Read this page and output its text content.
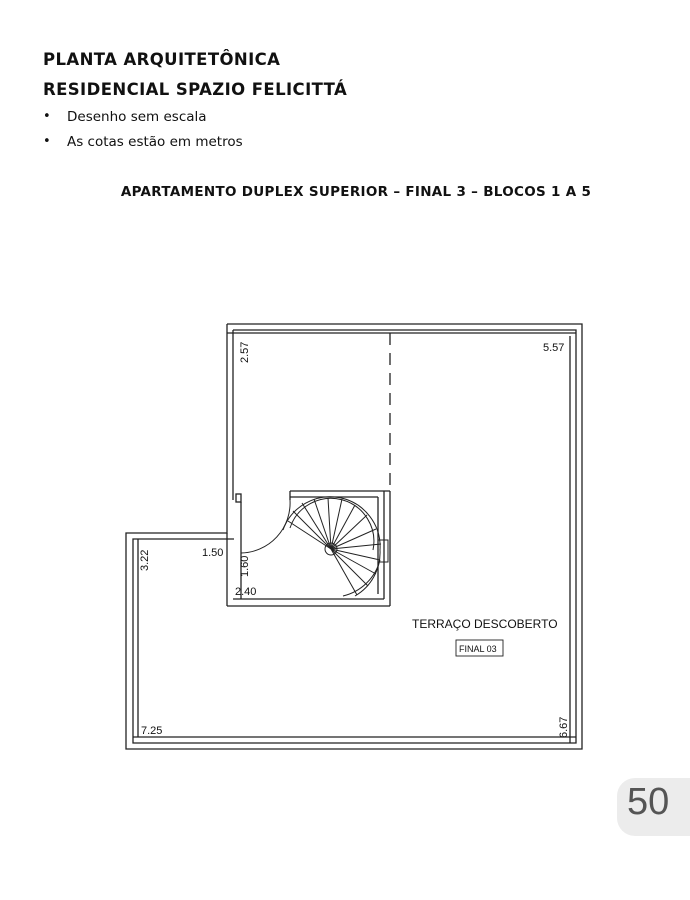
PLANTA ARQUITETÔNICA
RESIDENCIAL SPAZIO FELICITTÁ
• Desenho sem escala
• As cotas estão em metros
APARTAMENTO DUPLEX SUPERIOR – FINAL 3 – BLOCOS 1 A 5
2.57	5.57
3.22	1.50
1.60
2.40
7.25	6.67
TERRAÇO DESCOBERTO
FINAL 03
50
